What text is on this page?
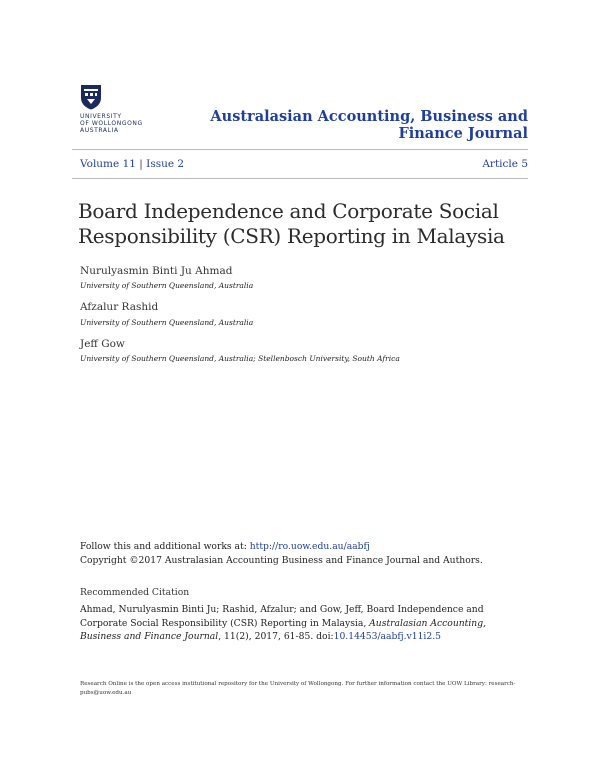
UNIVERSITY
OF WOLLONGONG
AUSTRALIA
Australasian Accounting, Business and Finance Journal
Volume 11 | Issue 2	Article 5
Board Independence and Corporate Social Responsibility (CSR) Reporting in Malaysia
Nurulyasmin Binti Ju Ahmad
University of Southern Queensland, Australia
Afzalur Rashid
University of Southern Queensland, Australia
Jeff Gow
University of Southern Queensland, Australia; Stellenbosch University, South Africa
Follow this and additional works at: http://ro.uow.edu.au/aabfj
Copyright ©2017 Australasian Accounting Business and Finance Journal and Authors.
Recommended Citation
Ahmad, Nurulyasmin Binti Ju; Rashid, Afzalur; and Gow, Jeff, Board Independence and Corporate Social Responsibility (CSR) Reporting in Malaysia, Australasian Accounting, Business and Finance Journal, 11(2), 2017, 61-85. doi:10.14453/aabfj.v11i2.5
Research Online is the open access institutional repository for the University of Wollongong. For further information contact the UOW Library: research-pubs@uow.edu.au
